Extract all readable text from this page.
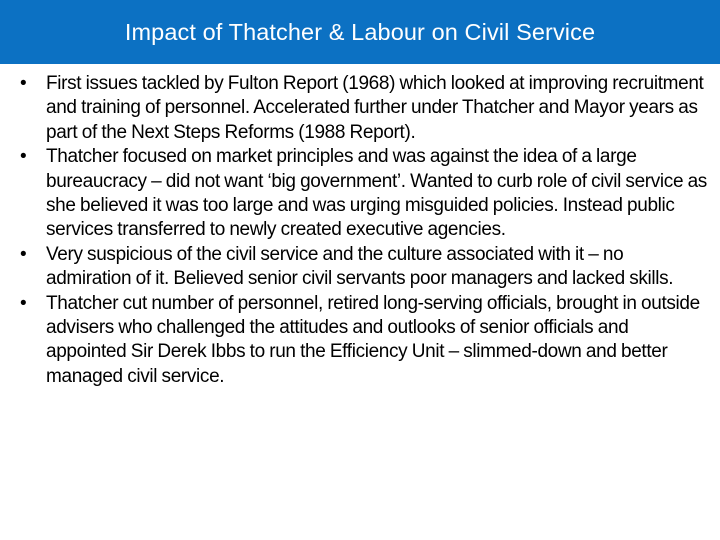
Impact of Thatcher & Labour on Civil Service
• First issues tackled by Fulton Report (1968) which looked at improving recruitment and training of personnel. Accelerated further under Thatcher and Mayor years as part of the Next Steps Reforms (1988 Report).
• Thatcher focused on market principles and was against the idea of a large bureaucracy – did not want ‘big government’. Wanted to curb role of civil service as she believed it was too large and was urging misguided policies. Instead public services transferred to newly created executive agencies.
• Very suspicious of the civil service and the culture associated with it – no admiration of it. Believed senior civil servants poor managers and lacked skills.
• Thatcher cut number of personnel, retired long-serving officials, brought in outside advisers who challenged the attitudes and outlooks of senior officials and appointed Sir Derek Ibbs to run the Efficiency Unit – slimmed-down and better managed civil service.
